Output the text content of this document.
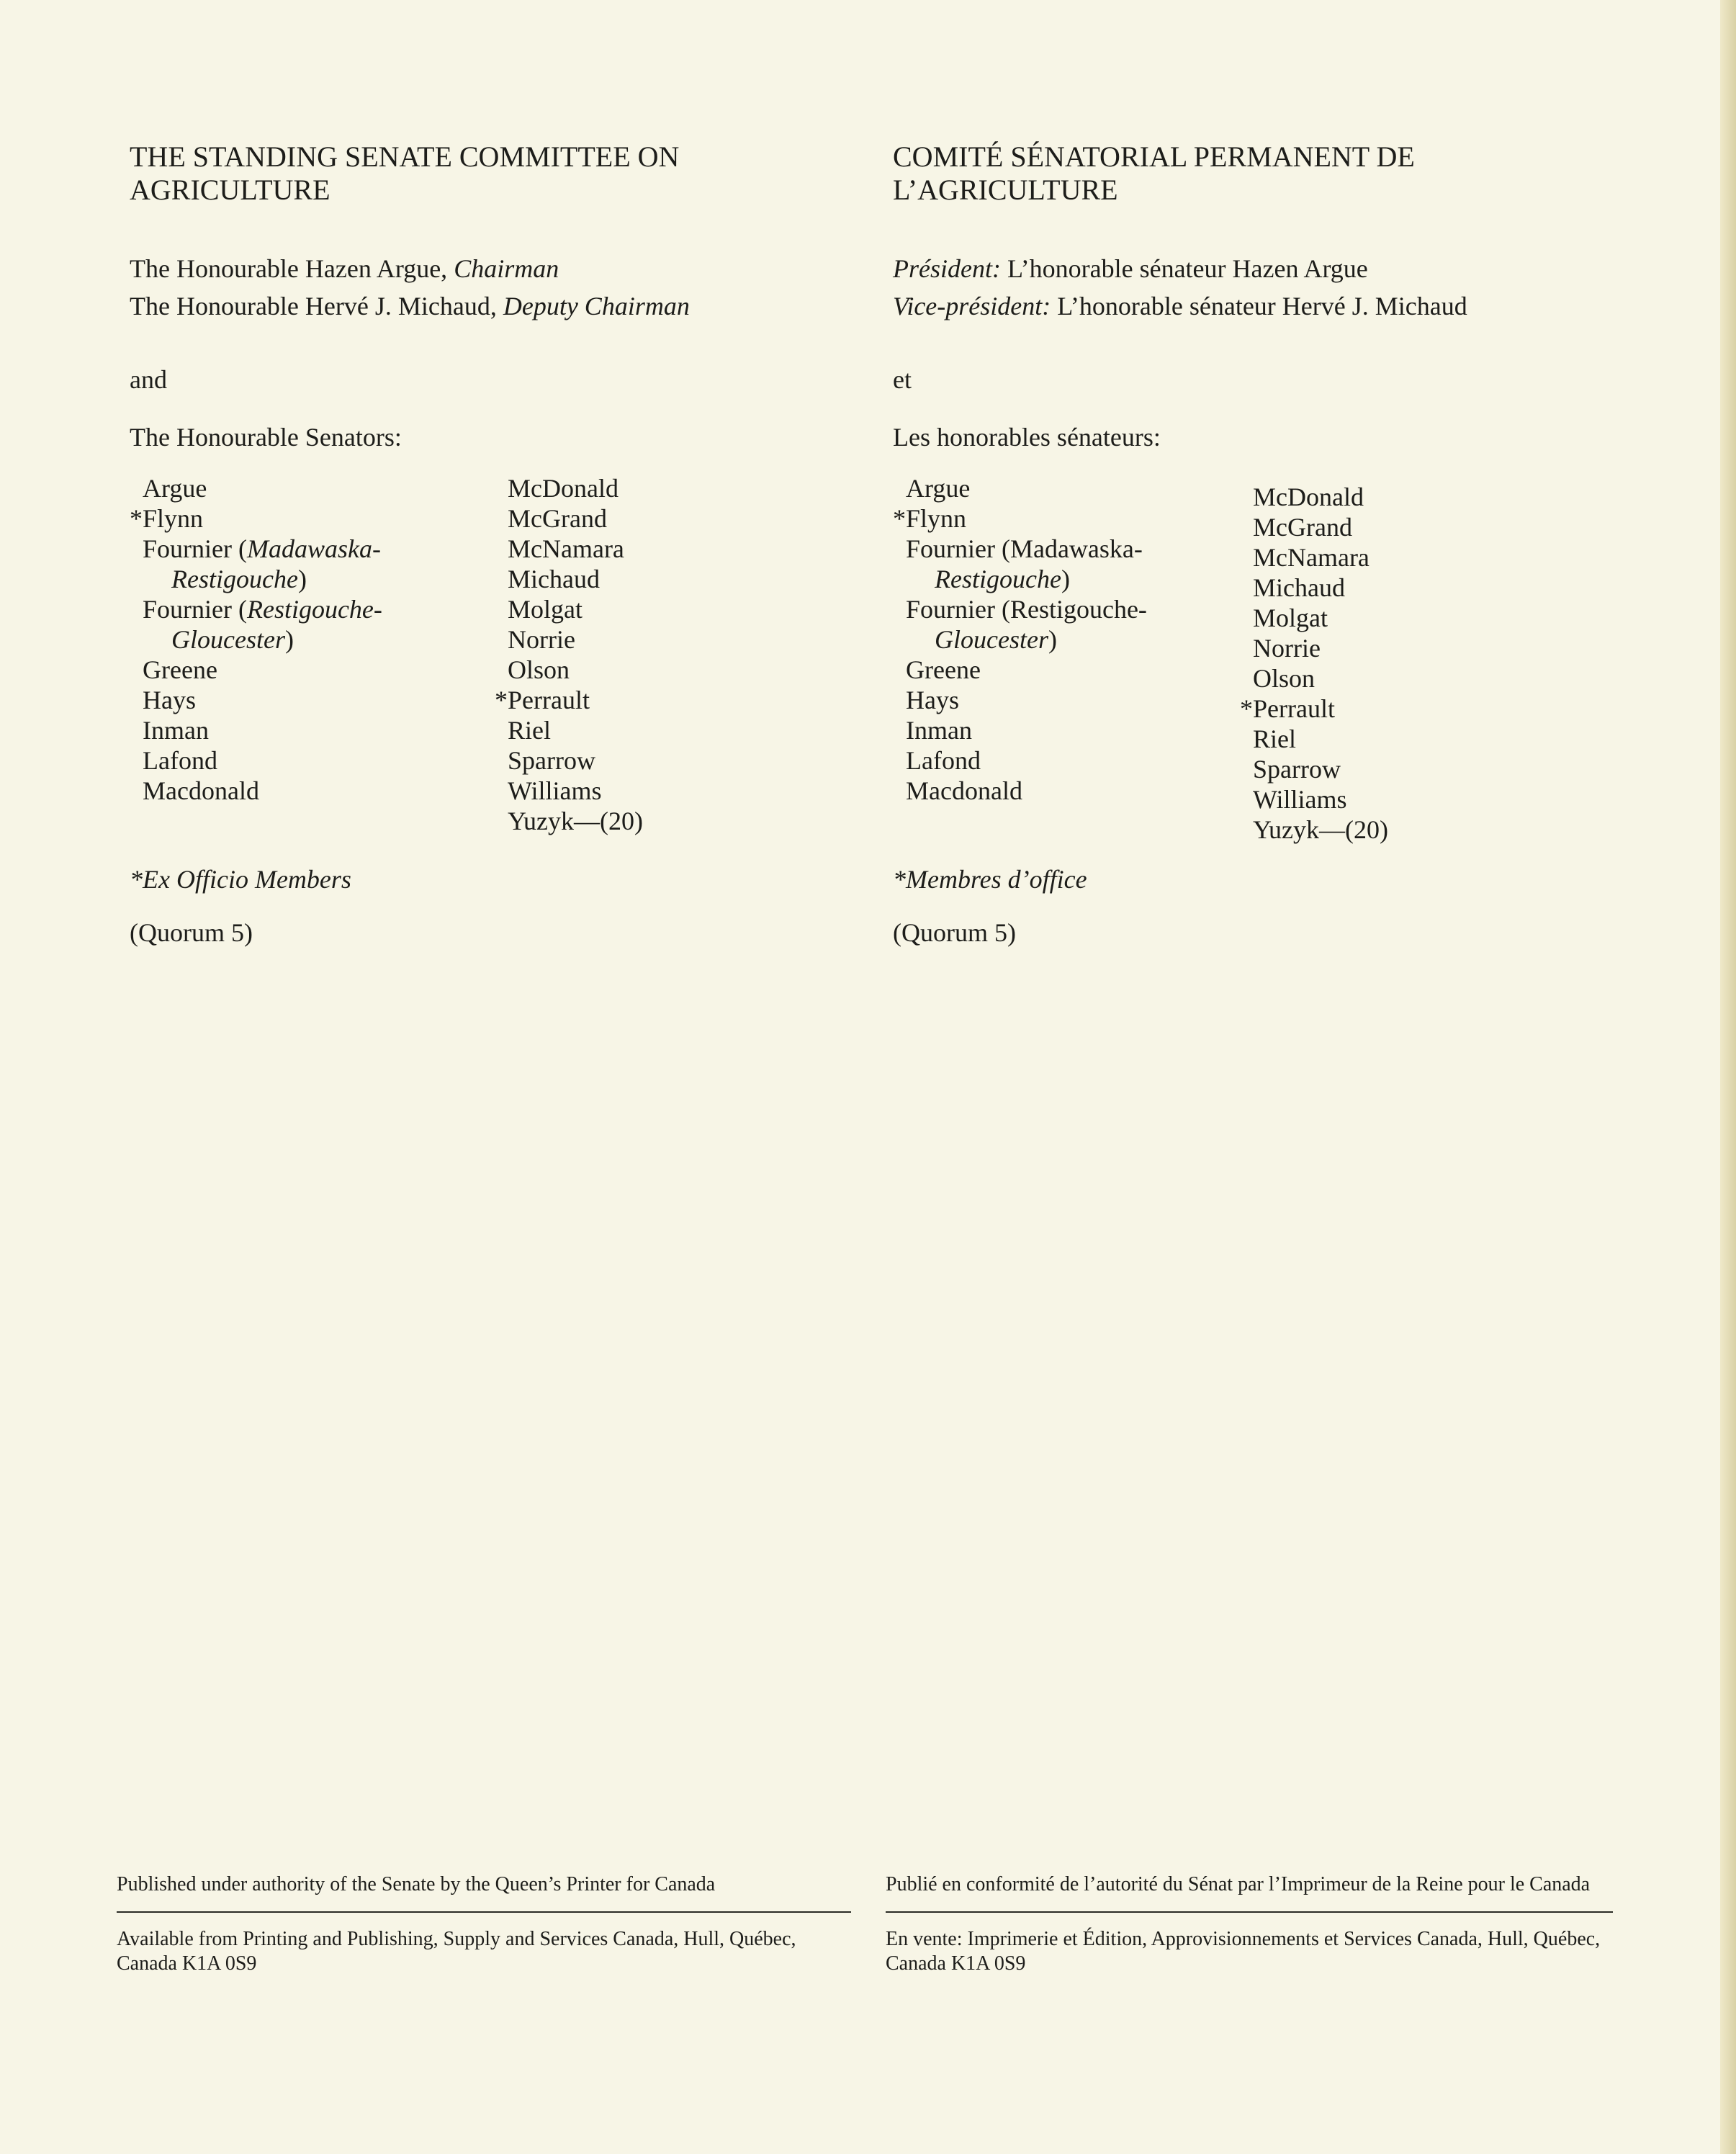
THE STANDING SENATE COMMITTEE ON AGRICULTURE
The Honourable Hazen Argue, Chairman
The Honourable Hervé J. Michaud, Deputy Chairman
and
The Honourable Senators:
Argue
*Flynn
Fournier (Madawaska-
Restigouche)
Fournier (Restigouche-
Gloucester)
Greene
Hays
Inman
Lafond
Macdonald
McDonald
McGrand
McNamara
Michaud
Molgat
Norrie
Olson
*Perrault
Riel
Sparrow
Williams
Yuzyk—(20)
*Ex Officio Members
(Quorum 5)
COMITÉ SÉNATORIAL PERMANENT DE L’AGRICULTURE
Président: L’honorable sénateur Hazen Argue
Vice-président: L’honorable sénateur Hervé J. Michaud
et
Les honorables sénateurs:
Argue
*Flynn
Fournier (Madawaska-
Restigouche)
Fournier (Restigouche-
Gloucester)
Greene
Hays
Inman
Lafond
Macdonald
McDonald
McGrand
McNamara
Michaud
Molgat
Norrie
Olson
*Perrault
Riel
Sparrow
Williams
Yuzyk—(20)
*Membres d’office
(Quorum 5)
Published under authority of the Senate by the Queen’s Printer for Canada
Available from Printing and Publishing, Supply and Services Canada, Hull, Québec, Canada K1A 0S9
Publié en conformité de l’autorité du Sénat par l’Imprimeur de la Reine pour le Canada
En vente: Imprimerie et Édition, Approvisionnements et Services Canada, Hull, Québec, Canada K1A 0S9
